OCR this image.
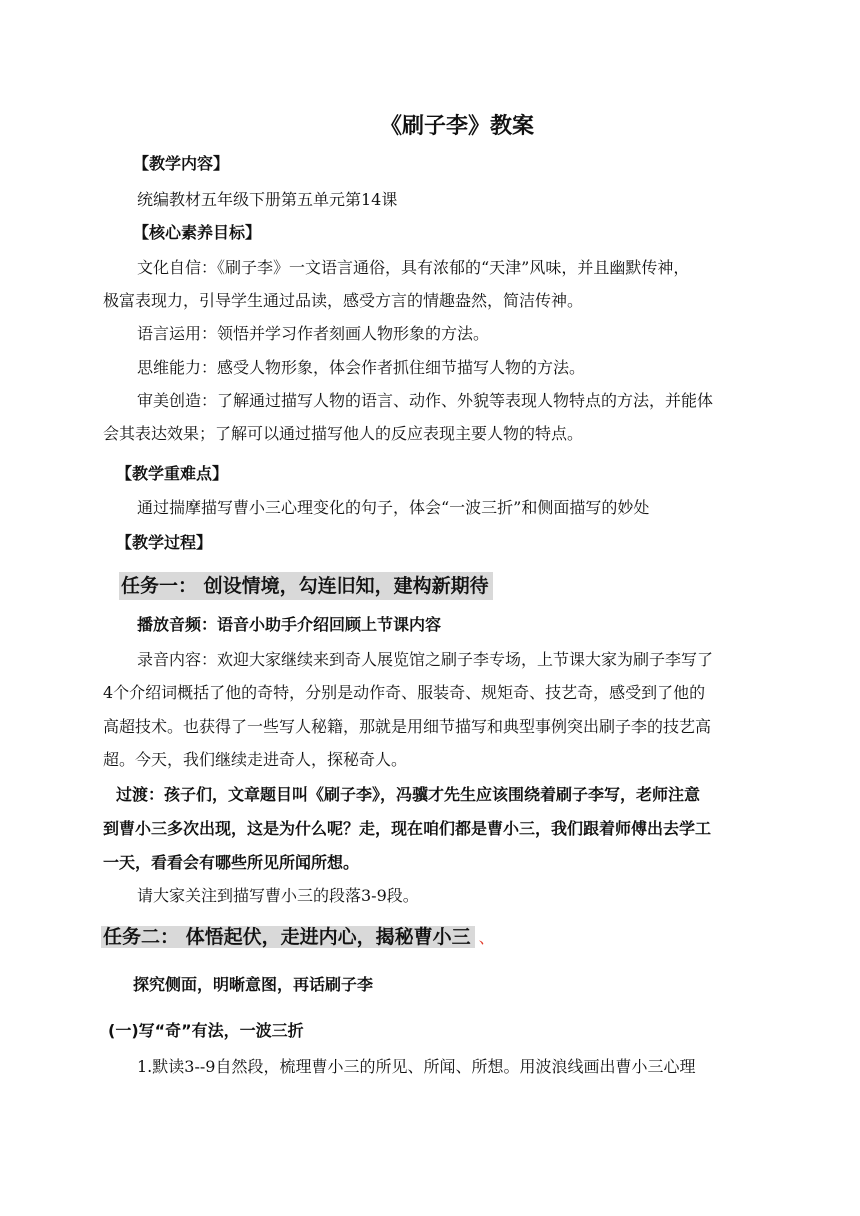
《刷子李》教案
【教学内容】
统编教材五年级下册第五单元第14课
【核心素养目标】
文化自信：《刷子李》一文语言通俗，具有浓郁的“天津”风味，并且幽默传神，
极富表现力，引导学生通过品读，感受方言的情趣盎然，简洁传神。
语言运用：领悟并学习作者刻画人物形象的方法。
思维能力：感受人物形象，体会作者抓住细节描写人物的方法。
审美创造：了解通过描写人物的语言、动作、外貌等表现人物特点的方法，并能体
会其表达效果；了解可以通过描写他人的反应表现主要人物的特点。
【教学重难点】
通过揣摩描写曹小三心理变化的句子，体会“一波三折”和侧面描写的妙处
【教学过程】
任务一： 创设情境，勾连旧知，建构新期待
播放音频：语音小助手介绍回顾上节课内容
录音内容：欢迎大家继续来到奇人展览馆之刷子李专场，上节课大家为刷子李写了
4个介绍词概括了他的奇特，分别是动作奇、服装奇、规矩奇、技艺奇，感受到了他的
高超技术。也获得了一些写人秘籍，那就是用细节描写和典型事例突出刷子李的技艺高
超。今天，我们继续走进奇人，探秘奇人。
过渡：孩子们，文章题目叫《刷子李》，冯骥才先生应该围绕着刷子李写，老师注意
到曹小三多次出现，这是为什么呢？走，现在咱们都是曹小三，我们跟着师傅出去学工
一天，看看会有哪些所见所闻所想。
请大家关注到描写曹小三的段落3-9段。
任务二： 体悟起伏，走进内心，揭秘曹小三 、
探究侧面，明晰意图，再话刷子李
(一)写“奇”有法，一波三折
1.默读3--9自然段，梳理曹小三的所见、所闻、所想。用波浪线画出曹小三心理
